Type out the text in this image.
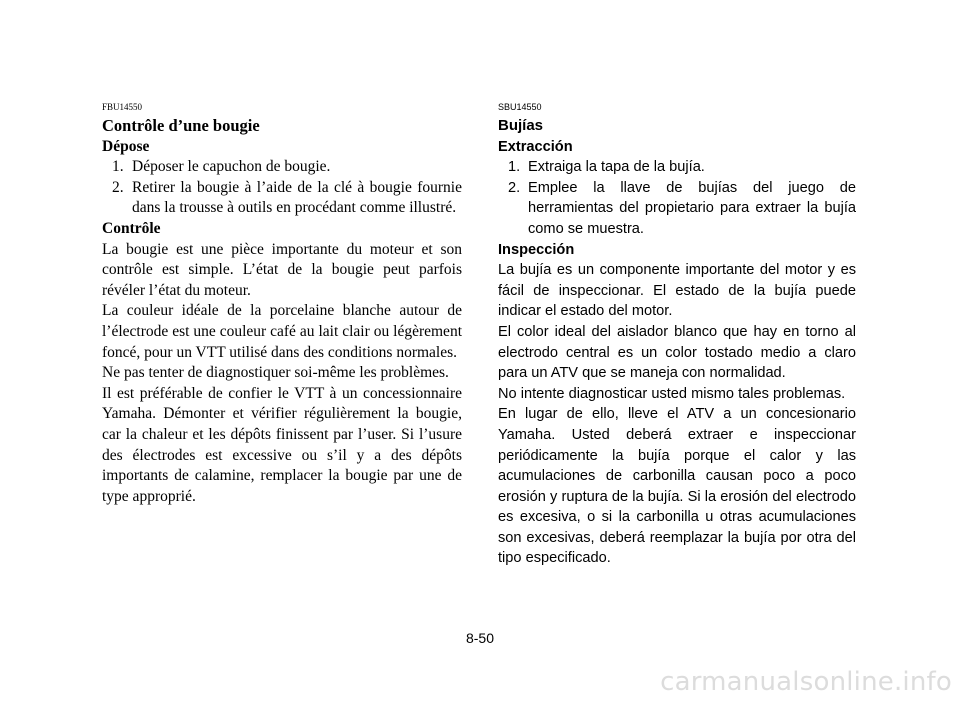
FBU14550
Contrôle d’une bougie
Dépose
1. Déposer le capuchon de bougie.
2. Retirer la bougie à l’aide de la clé à bougie fournie dans la trousse à outils en procédant comme illustré.
Contrôle

La bougie est une pièce importante du moteur et son contrôle est simple. L’état de la bougie peut parfois révéler l’état du moteur.

La couleur idéale de la porcelaine blanche autour de l’électrode est une couleur café au lait clair ou légèrement foncé, pour un VTT utilisé dans des conditions normales.

Ne pas tenter de diagnostiquer soi-même les problèmes.

Il est préférable de confier le VTT à un concessionnaire Yamaha. Démonter et vérifier régulièrement la bougie, car la chaleur et les dépôts finissent par l’user. Si l’usure des électrodes est excessive ou s’il y a des dépôts importants de calamine, remplacer la bougie par une de type approprié.

SBU14550
Bujías
Extracción
1. Extraiga la tapa de la bujía.
2. Emplee la llave de bujías del juego de herramientas del propietario para extraer la bujía como se muestra.
Inspección

La bujía es un componente importante del motor y es fácil de inspeccionar. El estado de la bujía puede indicar el estado del motor.

El color ideal del aislador blanco que hay en torno al electrodo central es un color tostado medio a claro para un ATV que se maneja con normalidad.

No intente diagnosticar usted mismo tales problemas.

En lugar de ello, lleve el ATV a un concesionario Yamaha. Usted deberá extraer e inspeccionar periódicamente la bujía porque el calor y las acumulaciones de carbonilla causan poco a poco erosión y ruptura de la bujía. Si la erosión del electrodo es excesiva, o si la carbonilla u otras acumulaciones son excesivas, deberá reemplazar la bujía por otra del tipo especificado.

8-50
carmanualsonline.info
